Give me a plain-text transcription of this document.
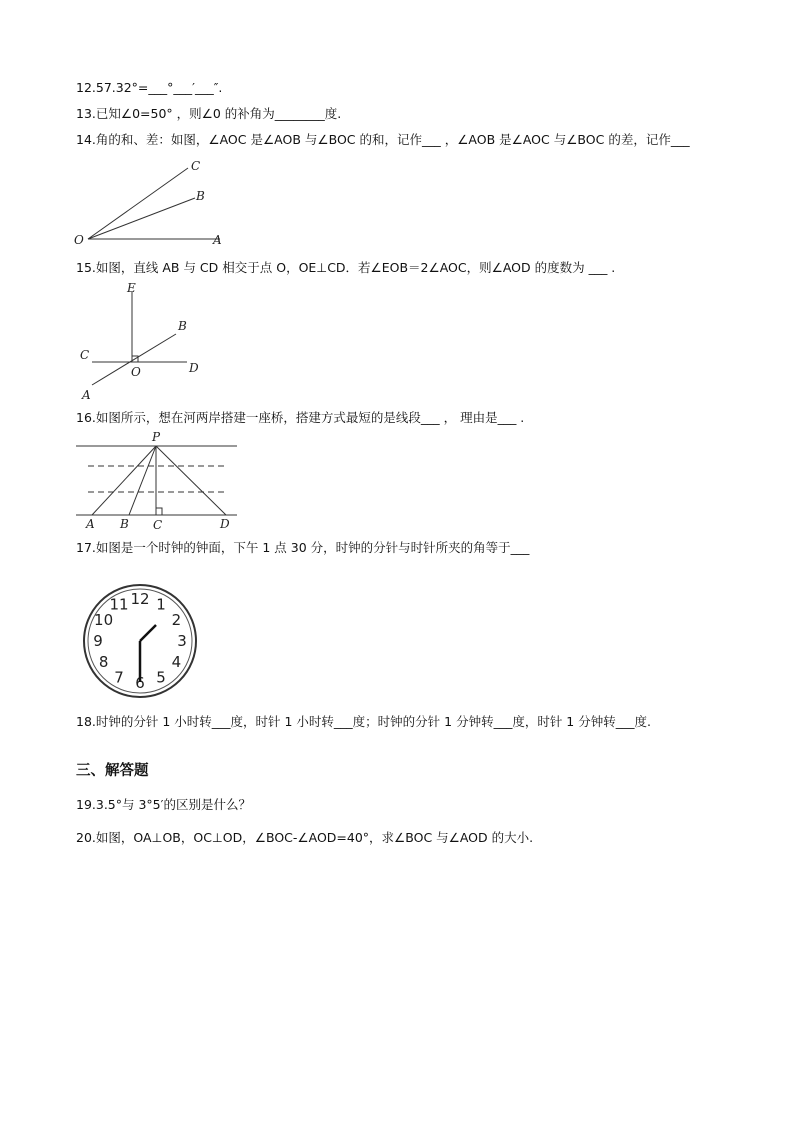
12.57.32°=___°___′___″.
13.已知∠0=50° ，则∠0 的补角为________度.
14.角的和、差：如图，∠AOC 是∠AOB 与∠BOC 的和，记作___ ，∠AOB 是∠AOC 与∠BOC 的差，记作___
O	A
B
C
15.如图，直线 AB 与 CD 相交于点 O，OE⊥CD．若∠EOB＝2∠AOC，则∠AOD 的度数为 ___ .
E
B
C
O	D
A
16.如图所示，想在河两岸搭建一座桥，搭建方式最短的是线段___ ， 理由是___ .
P
A B C	D
17.如图是一个时钟的钟面，下午 1 点 30 分，时钟的分针与时针所夹的角等于___
12 1
2
3
4
5
6
7
8
9
10
11
18.时钟的分针 1 小时转___度，时针 1 小时转___度；时钟的分针 1 分钟转___度，时针 1 分钟转___度.
三、解答题
19.3.5°与 3°5′的区别是什么？
20.如图，OA⊥OB，OC⊥OD，∠BOC-∠AOD=40°，求∠BOC 与∠AOD 的大小.
